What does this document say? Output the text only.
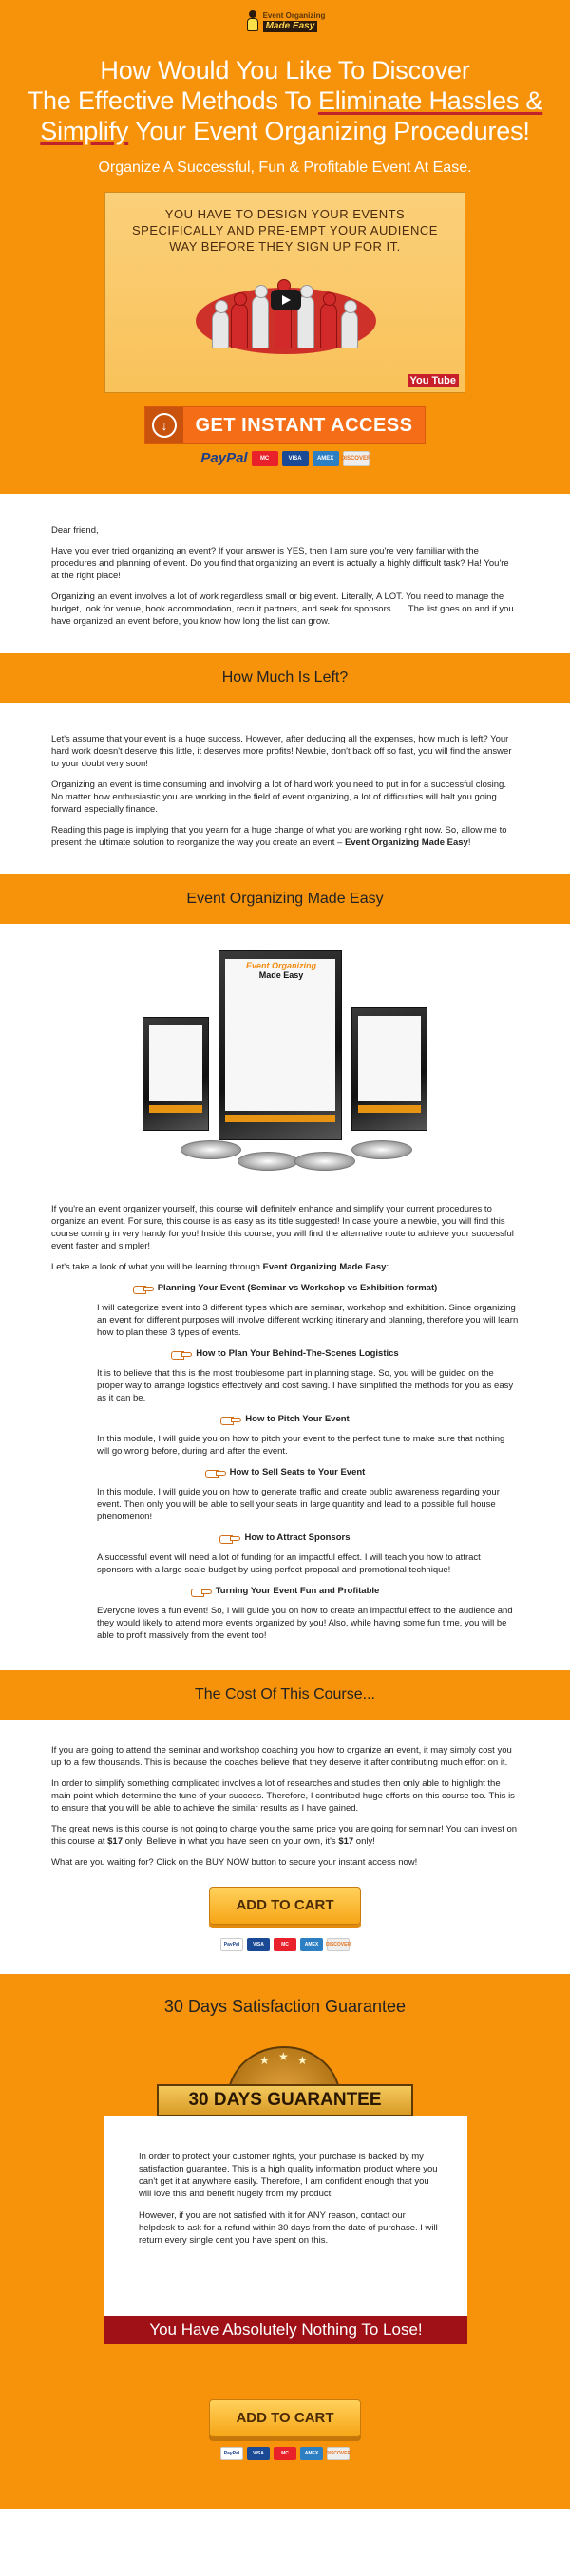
Event Organizing
Made Easy
How Would You Like To Discover
The Effective Methods To Eliminate Hassles &
Simplify Your Event Organizing Procedures!
Organize A Successful, Fun & Profitable Event At Ease.
YOU HAVE TO DESIGN YOUR EVENTS
SPECIFICALLY AND PRE-EMPT YOUR AUDIENCE
WAY BEFORE THEY SIGN UP FOR IT.
You Tube
↓	GET INSTANT ACCESS
PayPal	MC	VISA	AMEX	DISCOVER

Dear friend,

Have you ever tried organizing an event? If your answer is YES, then I am sure you're very familiar with the procedures and planning of event. Do you find that organizing an event is actually a highly difficult task? Ha! You're at the right place!

Organizing an event involves a lot of work regardless small or big event. Literally, A LOT. You need to manage the budget, look for venue, book accommodation, recruit partners, and seek for sponsors...... The list goes on and if you have organized an event before, you know how long the list can grow.

How Much Is Left?

Let's assume that your event is a huge success. However, after deducting all the expenses, how much is left? Your hard work doesn't deserve this little, it deserves more profits! Newbie, don't back off so fast, you will find the answer to your doubt very soon!

Organizing an event is time consuming and involving a lot of hard work you need to put in for a successful closing. No matter how enthusiastic you are working in the field of event organizing, a lot of difficulties will halt you going forward especially finance.

Reading this page is implying that you yearn for a huge change of what you are working right now. So, allow me to present the ultimate solution to reorganize the way you create an event – Event Organizing Made Easy!

Event Organizing Made Easy
Event Organizing
Made Easy

If you're an event organizer yourself, this course will definitely enhance and simplify your current procedures to organize an event. For sure, this course is as easy as its title suggested! In case you're a newbie, you will find this course coming in very handy for you! Inside this course, you will find the alternative route to achieve your successful event faster and simpler!

Let's take a look of what you will be learning through Event Organizing Made Easy:

Planning Your Event (Seminar vs Workshop vs Exhibition format)

I will categorize event into 3 different types which are seminar, workshop and exhibition. Since organizing an event for different purposes will involve different working itinerary and planning, therefore you will learn how to plan these 3 types of events.

How to Plan Your Behind-The-Scenes Logistics

It is to believe that this is the most troublesome part in planning stage. So, you will be guided on the proper way to arrange logistics effectively and cost saving. I have simplified the methods for you as easy as it can be.

How to Pitch Your Event

In this module, I will guide you on how to pitch your event to the perfect tune to make sure that nothing will go wrong before, during and after the event.

How to Sell Seats to Your Event

In this module, I will guide you on how to generate traffic and create public awareness regarding your event. Then only you will be able to sell your seats in large quantity and lead to a possible full house phenomenon!

How to Attract Sponsors

A successful event will need a lot of funding for an impactful effect. I will teach you how to attract sponsors with a large scale budget by using perfect proposal and promotional technique!

Turning Your Event Fun and Profitable

Everyone loves a fun event! So, I will guide you on how to create an impactful effect to the audience and they would likely to attend more events organized by you! Also, while having some fun time, you will be able to profit massively from the event too!

The Cost Of This Course...

If you are going to attend the seminar and workshop coaching you how to organize an event, it may simply cost you up to a few thousands. This is because the coaches believe that they deserve it after contributing much effort on it.

In order to simplify something complicated involves a lot of researches and studies then only able to highlight the main point which determine the tune of your success. Therefore, I contributed huge efforts on this course too. This is to ensure that you will be able to achieve the similar results as I have gained.

The great news is this course is not going to charge you the same price you are going for seminar! You can invest on this course at $17 only! Believe in what you have seen on your own, it's $17 only!

What are you waiting for? Click on the BUY NOW button to secure your instant access now!

ADD TO CART
PayPal	VISA	MC	AMEX	DISCOVER
30 Days Satisfaction Guarantee
★ ★ ★
30 DAYS GUARANTEE

In order to protect your customer rights, your purchase is backed by my satisfaction guarantee. This is a high quality information product where you can't get it at anywhere easily. Therefore, I am confident enough that you will love this and benefit hugely from my product!

However, if you are not satisfied with it for ANY reason, contact our helpdesk to ask for a refund within 30 days from the date of purchase. I will return every single cent you have spent on this.

You Have Absolutely Nothing To Lose!
ADD TO CART
PayPal	VISA	MC	AMEX	DISCOVER
